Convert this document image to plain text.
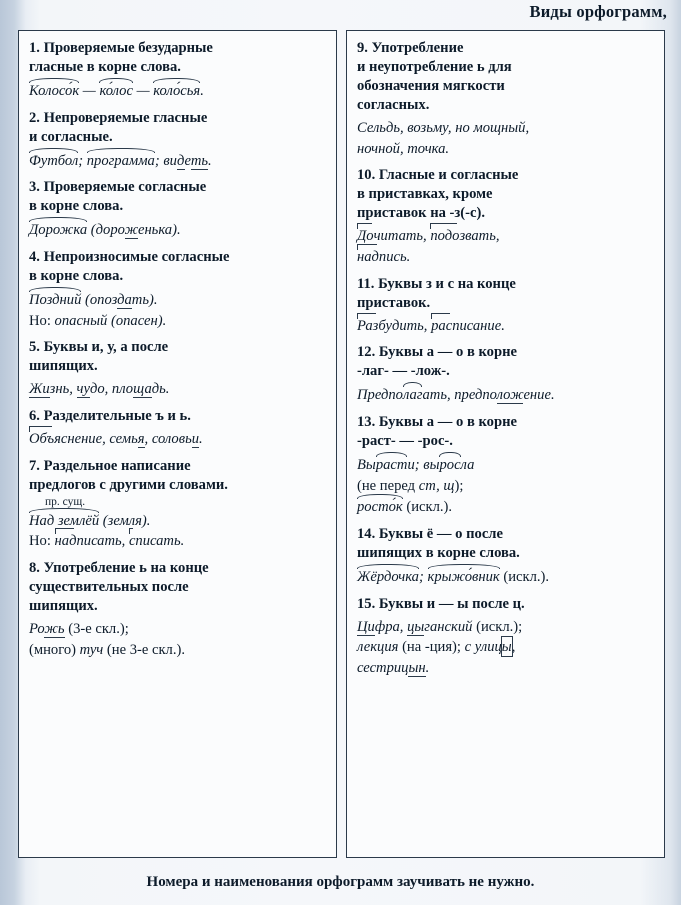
Виды орфограмм,
1. Проверяемые безударные
гласные в корне слова.
Колосо́к — ко́лос — коло́сья.
2. Непроверяемые гласные
и согласные.
Футбол; программа; видеть.
3. Проверяемые согласные
в корне слова.
Дорожка (дороженька).
4. Непроизносимые согласные
в корне слова.
Поздний (опоздать).
Но: опасный (опасен).
5. Буквы и, у, а после
шипящих.
Жизнь, чудо, площадь.
6. Разделительные ъ и ь.
Объяснение, семья, соловьи.
7. Раздельное написание
предлогов с другими словами.
пр. сущ.
Над землёй (земля).
Но: надписать, списать.
8. Употребление ь на конце
существительных после
шипящих.
Рожь (3-е скл.);
(много) туч (не 3-е скл.).
9. Употребление
и неупотребление ь для
обозначения мягкости
согласных.
Сельдь, возьму, но мощный,
ночной, точка.
10. Гласные и согласные
в приставках, кроме
приставок на -з(-с).
Дочитать, подозвать,
надпись.
11. Буквы з и с на конце
приставок.
Разбудить, расписание.
12. Буквы а — о в корне
-лаг- — -лож-.
Предполагать, предположение.
13. Буквы а — о в корне
-раст- — -рос-.
Вырасти; выросла
(не перед ст, щ);
росто́к (искл.).
14. Буквы ё — о после
шипящих в корне слова.
Жёрдочка; крыжо́вник (искл.).
15. Буквы и — ы после ц.
Цифра, цыганский (искл.);
лекция (на -ция); с улицы,
сестрицын.
Номера и наименования орфограмм заучивать не нужно.
